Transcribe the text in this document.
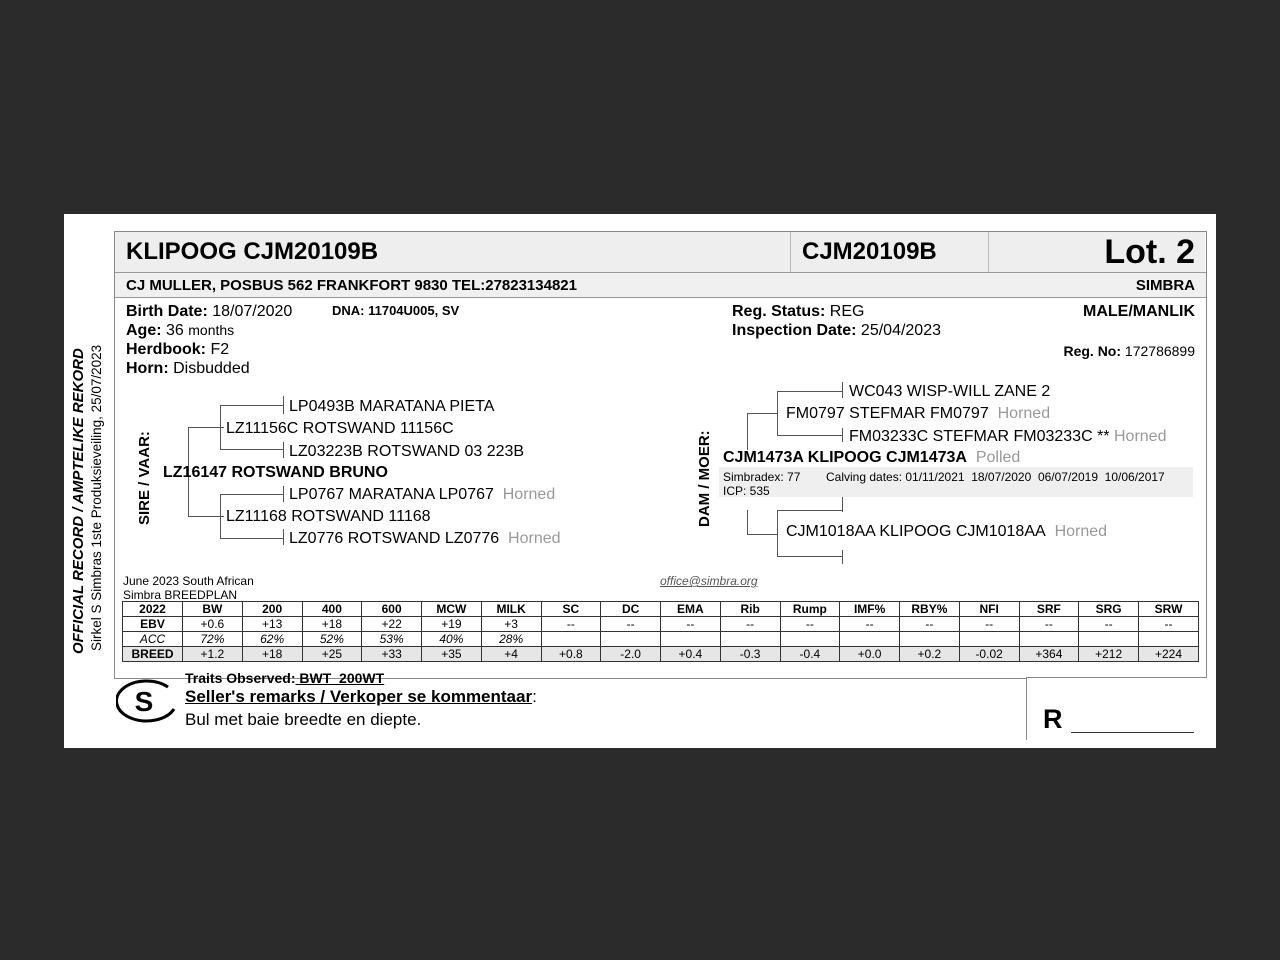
OFFICIAL RECORD / AMPTELIKE REKORD Sirkel S Simbras 1ste Produksieveiling, 25/07/2023
KLIPOOG CJM20109B	CJM20109B	Lot. 2
CJ MULLER, POSBUS 562 FRANKFORT 9830 TEL:27823134821	SIMBRA
Birth Date: 18/07/2020	DNA: 11704U005, SV
Age: 36 months
Herdbook: F2
Horn: Disbudded
Reg. Status: REG
Inspection Date: 25/04/2023
MALE/MANLIK
Reg. No: 172786899
SIRE / VAAR:
LP0493B MARATANA PIETA
LZ11156C ROTSWAND 11156C
LZ03223B ROTSWAND 03 223B
LZ16147 ROTSWAND BRUNO
LP0767 MARATANA LP0767 Horned
LZ11168 ROTSWAND 11168
LZ0776 ROTSWAND LZ0776 Horned
DAM / MOER:
WC043 WISP-WILL ZANE 2
FM0797 STEFMAR FM0797 Horned
FM03233C STEFMAR FM03233C ** Horned
CJM1473A KLIPOOG CJM1473A Polled
Simbradex: 77 Calving dates: 01/11/2021  18/07/2020  06/07/2019  10/06/2017
ICP: 535
CJM1018AA KLIPOOG CJM1018AA Horned
June 2023 South African
Simbra BREEDPLAN
office@simbra.org
2022	BW	200	400	600	MCW	MILK	SC	DC	EMA	Rib	Rump	IMF%	RBY%	NFI	SRF	SRG	SRW
EBV	+0.6	+13	+18	+22	+19	+3	--	--	--	--	--	--	--	--	--	--	--
ACC	72%	62%	52%	53%	40%	28%											
BREED	+1.2	+18	+25	+33	+35	+4	+0.8	-2.0	+0.4	-0.3	-0.4	+0.0	+0.2	-0.02	+364	+212	+224
S
Traits Observed: BWT  200WT
Seller's remarks / Verkoper se kommentaar:
Bul met baie breedte en diepte.	R
